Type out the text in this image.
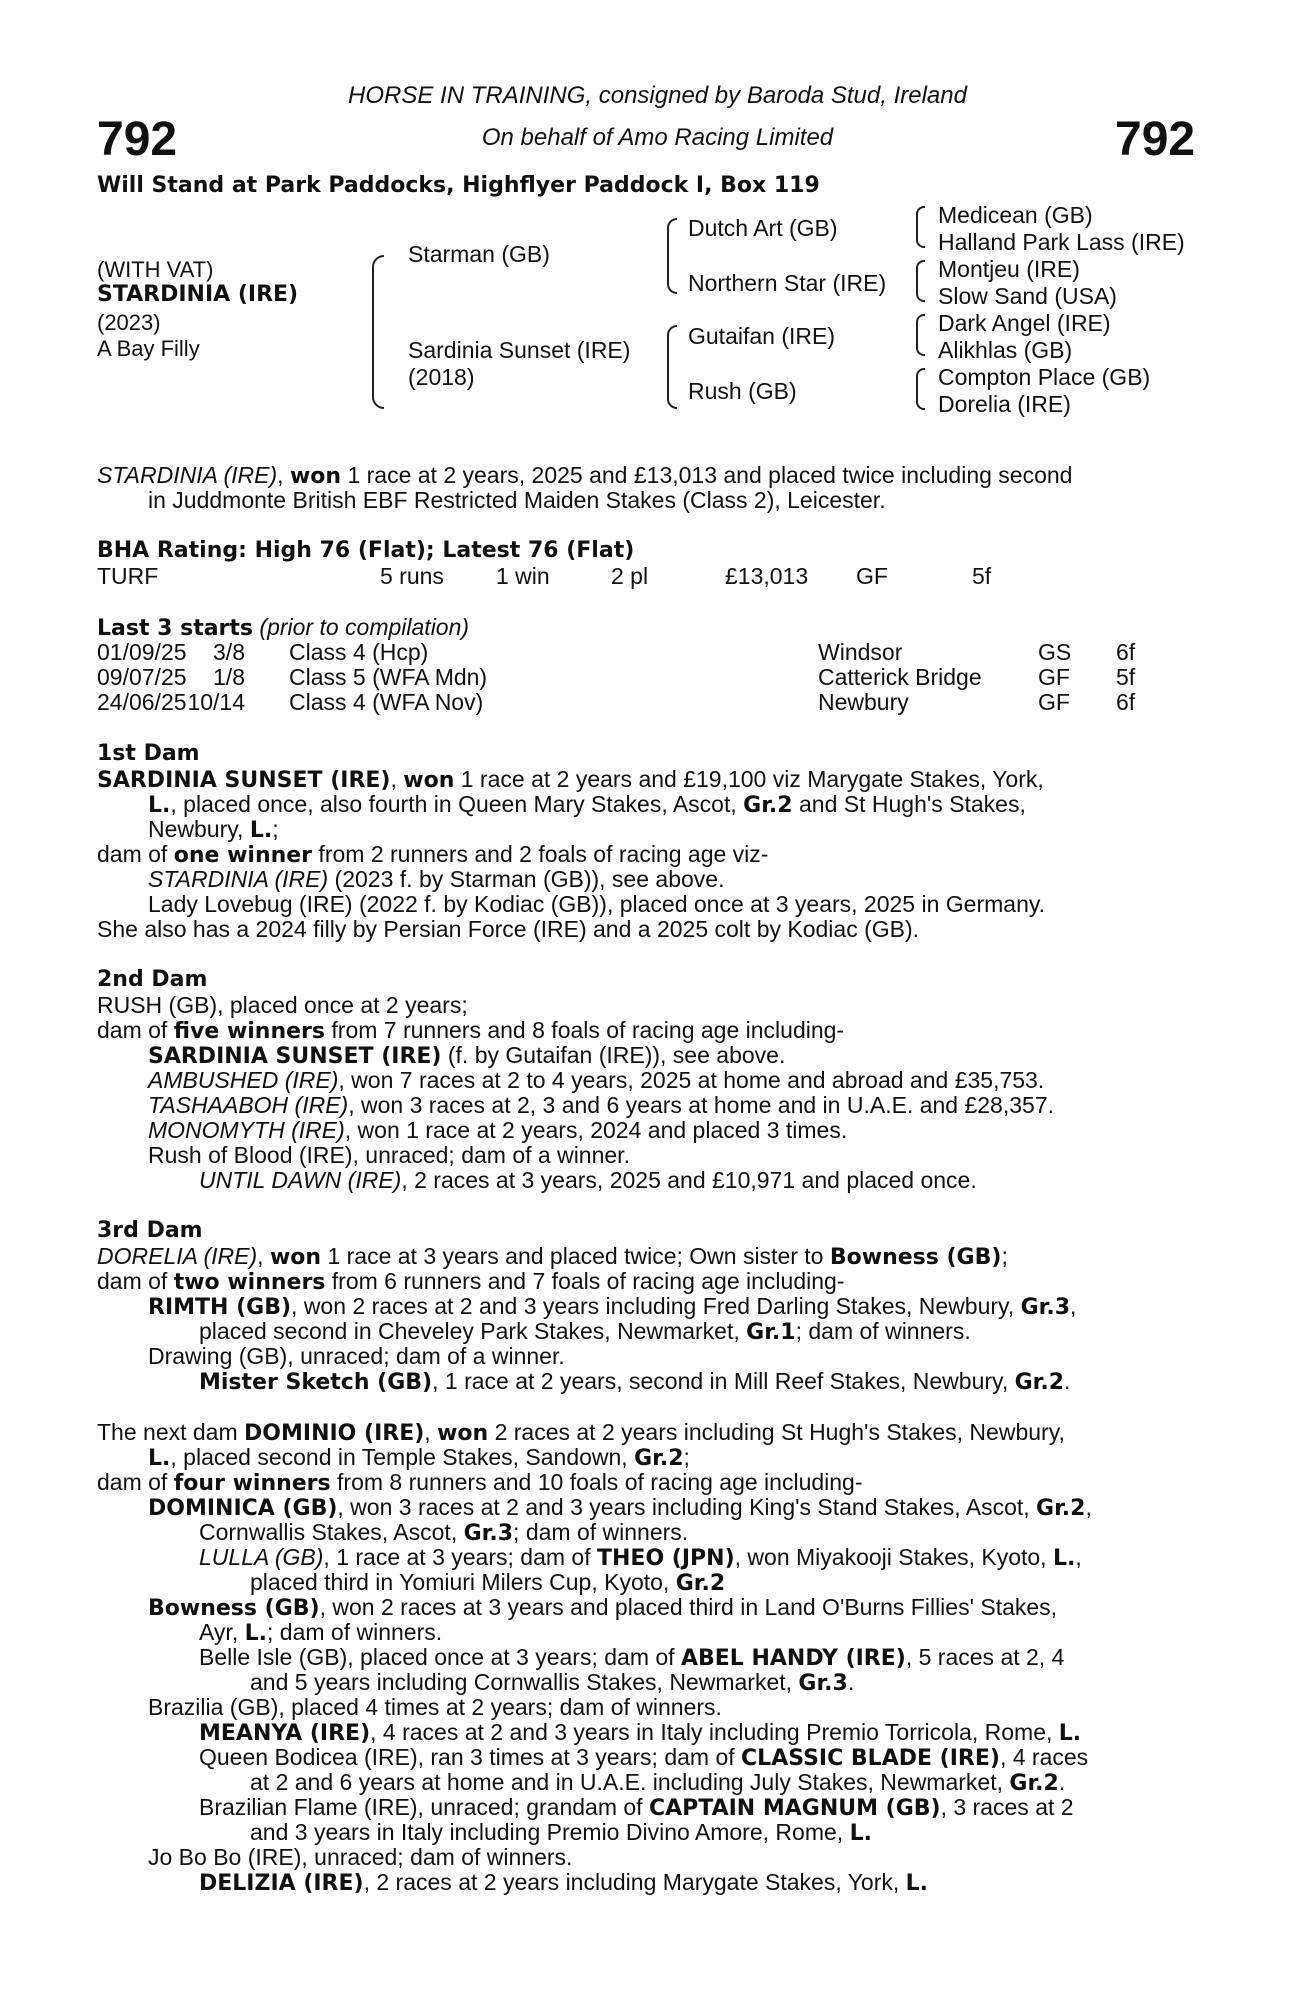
792	792
HORSE IN TRAINING, consigned by Baroda Stud, Ireland
On behalf of Amo Racing Limited
Will Stand at Park Paddocks, Highflyer Paddock I, Box 119
(WITH VAT)
STARDINIA (IRE)
(2023)
A Bay Filly
Starman (GB)
Sardinia Sunset (IRE)
(2018)
Dutch Art (GB)
Northern Star (IRE)
Gutaifan (IRE)
Rush (GB)
Medicean (GB)
Halland Park Lass (IRE)
Montjeu (IRE)
Slow Sand (USA)
Dark Angel (IRE)
Alikhlas (GB)
Compton Place (GB)
Dorelia (IRE)
STARDINIA (IRE), won 1 race at 2 years, 2025 and £13,013 and placed twice including second
in Juddmonte British EBF Restricted Maiden Stakes (Class 2), Leicester.
BHA Rating: High 76 (Flat); Latest 76 (Flat)
TURF	5 runs 1 win	2 pl	£13,013 GF	5f
Last 3 starts (prior to compilation)
01/09/25	3/8 Class 4 (Hcp)	Windsor	GS 6f
09/07/25	1/8 Class 5 (WFA Mdn)	Catterick Bridge GF 5f
24/06/25 10/14 Class 4 (WFA Nov)	Newbury	GF 6f
1st Dam
SARDINIA SUNSET (IRE), won 1 race at 2 years and £19,100 viz Marygate Stakes, York,
L., placed once, also fourth in Queen Mary Stakes, Ascot, Gr.2 and St Hugh's Stakes,
Newbury, L.;
dam of one winner from 2 runners and 2 foals of racing age viz-
STARDINIA (IRE) (2023 f. by Starman (GB)), see above.
Lady Lovebug (IRE) (2022 f. by Kodiac (GB)), placed once at 3 years, 2025 in Germany.
She also has a 2024 filly by Persian Force (IRE) and a 2025 colt by Kodiac (GB).
2nd Dam
RUSH (GB), placed once at 2 years;
dam of five winners from 7 runners and 8 foals of racing age including-
SARDINIA SUNSET (IRE) (f. by Gutaifan (IRE)), see above.
AMBUSHED (IRE), won 7 races at 2 to 4 years, 2025 at home and abroad and £35,753.
TASHAABOH (IRE), won 3 races at 2, 3 and 6 years at home and in U.A.E. and £28,357.
MONOMYTH (IRE), won 1 race at 2 years, 2024 and placed 3 times.
Rush of Blood (IRE), unraced; dam of a winner.
UNTIL DAWN (IRE), 2 races at 3 years, 2025 and £10,971 and placed once.
3rd Dam
DORELIA (IRE), won 1 race at 3 years and placed twice; Own sister to Bowness (GB);
dam of two winners from 6 runners and 7 foals of racing age including-
RIMTH (GB), won 2 races at 2 and 3 years including Fred Darling Stakes, Newbury, Gr.3,
placed second in Cheveley Park Stakes, Newmarket, Gr.1; dam of winners.
Drawing (GB), unraced; dam of a winner.
Mister Sketch (GB), 1 race at 2 years, second in Mill Reef Stakes, Newbury, Gr.2.
The next dam DOMINIO (IRE), won 2 races at 2 years including St Hugh's Stakes, Newbury,
L., placed second in Temple Stakes, Sandown, Gr.2;
dam of four winners from 8 runners and 10 foals of racing age including-
DOMINICA (GB), won 3 races at 2 and 3 years including King's Stand Stakes, Ascot, Gr.2,
Cornwallis Stakes, Ascot, Gr.3; dam of winners.
LULLA (GB), 1 race at 3 years; dam of THEO (JPN), won Miyakooji Stakes, Kyoto, L.,
placed third in Yomiuri Milers Cup, Kyoto, Gr.2
Bowness (GB), won 2 races at 3 years and placed third in Land O'Burns Fillies' Stakes,
Ayr, L.; dam of winners.
Belle Isle (GB), placed once at 3 years; dam of ABEL HANDY (IRE), 5 races at 2, 4
and 5 years including Cornwallis Stakes, Newmarket, Gr.3.
Brazilia (GB), placed 4 times at 2 years; dam of winners.
MEANYA (IRE), 4 races at 2 and 3 years in Italy including Premio Torricola, Rome, L.
Queen Bodicea (IRE), ran 3 times at 3 years; dam of CLASSIC BLADE (IRE), 4 races
at 2 and 6 years at home and in U.A.E. including July Stakes, Newmarket, Gr.2.
Brazilian Flame (IRE), unraced; grandam of CAPTAIN MAGNUM (GB), 3 races at 2
and 3 years in Italy including Premio Divino Amore, Rome, L.
Jo Bo Bo (IRE), unraced; dam of winners.
DELIZIA (IRE), 2 races at 2 years including Marygate Stakes, York, L.
